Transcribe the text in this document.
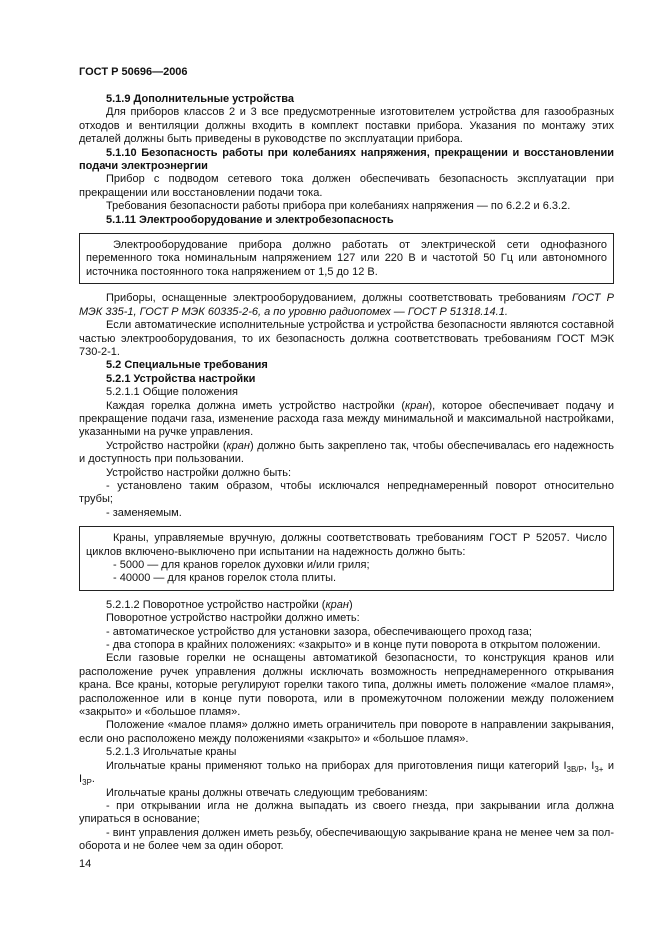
ГОСТ Р 50696—2006

5.1.9 Дополнительные устройства

Для приборов классов 2 и 3 все предусмотренные изготовителем устройства для газообразных отходов и вентиляции должны входить в комплект поставки прибора. Указания по монтажу этих деталей должны быть приведены в руководстве по эксплуатации прибора.

5.1.10 Безопасность работы при колебаниях напряжения, прекращении и восстановлении подачи электроэнергии

Прибор с подводом сетевого тока должен обеспечивать безопасность эксплуатации при прекращении или восстановлении подачи тока.

Требования безопасности работы прибора при колебаниях напряжения — по 6.2.2 и 6.3.2.

5.1.11 Электрооборудование и электробезопасность

Электрооборудование прибора должно работать от электрической сети однофазного переменного тока номинальным напряжением 127 или 220 В и частотой 50 Гц или автономного источника постоянного тока напряжением от 1,5 до 12 В.

Приборы, оснащенные электрооборудованием, должны соответствовать требованиям ГОСТ Р МЭК 335-1, ГОСТ Р МЭК 60335-2-6, а по уровню радиопомех — ГОСТ Р 51318.14.1.

Если автоматические исполнительные устройства и устройства безопасности являются составной частью электрооборудования, то их безопасность должна соответствовать требованиям ГОСТ МЭК 730-2-1.

5.2 Специальные требования

5.2.1 Устройства настройки

5.2.1.1 Общие положения

Каждая горелка должна иметь устройство настройки (кран), которое обеспечивает подачу и прекращение подачи газа, изменение расхода газа между минимальной и максимальной настройками, указанными на ручке управления.

Устройство настройки (кран) должно быть закреплено так, чтобы обеспечивалась его надежность и доступность при пользовании.

Устройство настройки должно быть:

- установлено таким образом, чтобы исключался непреднамеренный поворот относительно трубы;

- заменяемым.

Краны, управляемые вручную, должны соответствовать требованиям ГОСТ Р 52057. Число циклов включено-выключено при испытании на надежность должно быть:

- 5000 — для кранов горелок духовки и/или гриля;

- 40000 — для кранов горелок стола плиты.

5.2.1.2 Поворотное устройство настройки (кран)

Поворотное устройство настройки должно иметь:

- автоматическое устройство для установки зазора, обеспечивающего проход газа;

- два стопора в крайних положениях: «закрыто» и в конце пути поворота в открытом положении.

Если газовые горелки не оснащены автоматикой безопасности, то конструкция кранов или расположение ручек управления должны исключать возможность непреднамеренного открывания крана. Все краны, которые регулируют горелки такого типа, должны иметь положение «малое пламя», расположенное или в конце пути поворота, или в промежуточном положении между положением «закрыто» и «большое пламя».

Положение «малое пламя» должно иметь ограничитель при повороте в направлении закрывания, если оно расположено между положениями «закрыто» и «большое пламя».

5.2.1.3 Игольчатые краны

Игольчатые краны применяют только на приборах для приготовления пищи категорий $I_{3B/P}$, $I_{3+}$ и $I_{3P}$.

Игольчатые краны должны отвечать следующим требованиям:

- при открывании игла не должна выпадать из своего гнезда, при закрывании игла должна упираться в основание;

- винт управления должен иметь резьбу, обеспечивающую закрывание крана не менее чем за пол-оборота и не более чем за один оборот.

14
